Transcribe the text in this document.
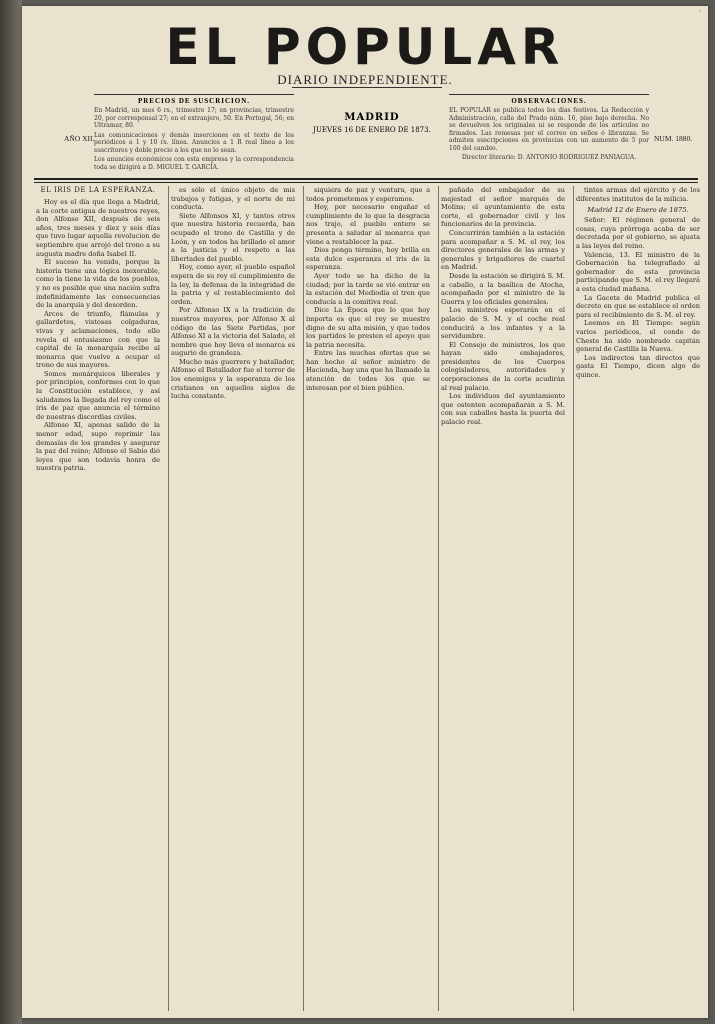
◦
EL POPULAR
DIARIO INDEPENDIENTE.
PRECIOS DE SUSCRICION.

En Madrid, un mes 6 rs., trimestre 17; en provincias, trimestre 20, por corresponsal 27; en el extranjero, 50. En Portugal, 56; en Ultramar, 80.

Las comunicaciones y demás inserciones en el texto de los periódicos a 1 y 10 rs. línea. Anuncios a 1 R real línea a los suscritores y doble precio a los que no lo sean.

Los anuncios económicos con esta empresa y la correspondencia toda se dirigirá a D. MIGUEL T. GARCÍA.

AÑO XII.
MADRID
JUEVES 16 DE ENERO DE 1873.
OBSERVACIONES.

EL POPULAR se publica todos los días festivos. La Redacción y Administración, calle del Prado núm. 16, piso bajo derecha. No se devuelven los originales ni se responde de los artículos no firmados. Las remesas por el correo en sellos ó libranzas. Se admiten suscripciones en provincias con un aumento de 5 por 100 del cambio.

Director literario: D. ANTONIO RODRIGUEZ PANIAGUA.

NUM. 1880.
EL IRIS DE LA ESPERANZA.

Hoy es el día que llega a Madrid, a la corte antigua de nuestros reyes, don Alfonso XII, después de seis años, tres meses y diez y seis días que tuvo lugar aquella revolucion de septiembre que arrojó del trono a su augusta madre doña Isabel II.

El suceso ha venido, porque la historia tiene una lógica inexorable, como la tiene la vida de los pueblos, y no es posible que una nación sufra indefinidamente las consecuencias de la anarquía y del desorden.

Arcos de triunfo, flámulas y gallardetes, vistosas colgaduras, vivas y aclamaciones, todo ello revela el entusiasmo con que la capital de la monarquía recibe al monarca que vuelve a ocupar el trono de sus mayores.

Somos monárquicos liberales y por principios, conformes con lo que la Constitución establece, y así saludamos la llegada del rey como el iris de paz que anuncia el término de nuestras discordias civiles.

Alfonso XI, apenas salido de la menor edad, supo reprimir las demasías de los grandes y asegurar la paz del reino; Alfonso el Sabio dió leyes que son todavía honra de nuestra patria.

es sólo el único objeto de mis trabajos y fatigas, y el norte de mi conducta.

Siete Alfonsos XI, y tantos otros que nuestra historia recuerda, han ocupado el trono de Castilla y de León, y en todos ha brillado el amor a la justicia y el respeto a las libertades del pueblo.

Hoy, como ayer, el pueblo español espera de su rey el cumplimiento de la ley, la defensa de la integridad de la patria y el restablecimiento del orden.

Por Alfonso IX a la tradición de nuestros mayores, por Alfonso X al código de las Siete Partidas, por Alfonso XI a la victoria del Salado, el nombre que hoy lleva el monarca es augurio de grandeza.

Mucho más guerrero y batallador, Alfonso el Batallador fue el terror de los enemigos y la esperanza de los cristianos en aquellos siglos de lucha constante.

siquiera de paz y ventura, que a todos prometemos y esperamos.

Hoy, por necesario engañar el cumplimiento de lo que la desgracia nos trajo, el pueblo entero se presenta a saludar al monarca que viene a restablecer la paz.

Dios ponga término, hoy brilla en esta dulce esperanza el iris de la esperanza.

Ayer todo se ha dicho de la ciudad; por la tarde se vió entrar en la estación del Mediodía el tren que conducía a la comitiva real.

Dice La Época que lo que hoy importa es que el rey se muestre digno de su alta misión, y que todos los partidos le presten el apoyo que la patria necesita.

Entre las muchas ofertas que se han hecho al señor ministro de Hacienda, hay una que ha llamado la atención de todos los que se interesan por el bien público.

pañado del embajador de su majestad el señor marqués de Molins; el ayuntamiento de esta corte, el gobernador civil y los funcionarios de la provincia.

Concurrirán también a la estación para acompañar a S. M. el rey, los directores generales de las armas y generales y brigadieres de cuartel en Madrid.

Desde la estación se dirigirá S. M. a caballo, a la basílica de Atocha, acompañado por el ministro de la Guerra y los oficiales generales.

Los ministros esperarán en el palacio de S. M. y el coche real conducirá a los infantes y a la servidumbre.

El Consejo de ministros, los que hayan sido embajadores, presidentes de los Cuerpos colegisladores, autoridades y corporaciones de la corte acudirán al real palacio.

Los individuos del ayuntamiento que ostenten acompañarán a S. M. con sus caballos hasta la puerta del palacio real.

tintos armas del ejército y de los diferentes institutos de la milicia.

Madrid 12 de Enero de 1875.

Señor: El régimen general de cosas, cuya prórroga acaba de ser decretada por el gobierno, se ajusta a las leyes del reino.

Valencia, 13. El ministro de la Gobernación ha telegrafiado al gobernador de esta provincia participando que S. M. el rey llegará a esta ciudad mañana.

La Gaceta de Madrid publica el decreto en que se establece el orden para el recibimiento de S. M. el rey.

Leemos en El Tiempo: según varios periódicos, el conde de Cheste ha sido nombrado capitán general de Castilla la Nueva.

Los indirectos tan directos que gasta El Tiempo, dicen algo de quince.
